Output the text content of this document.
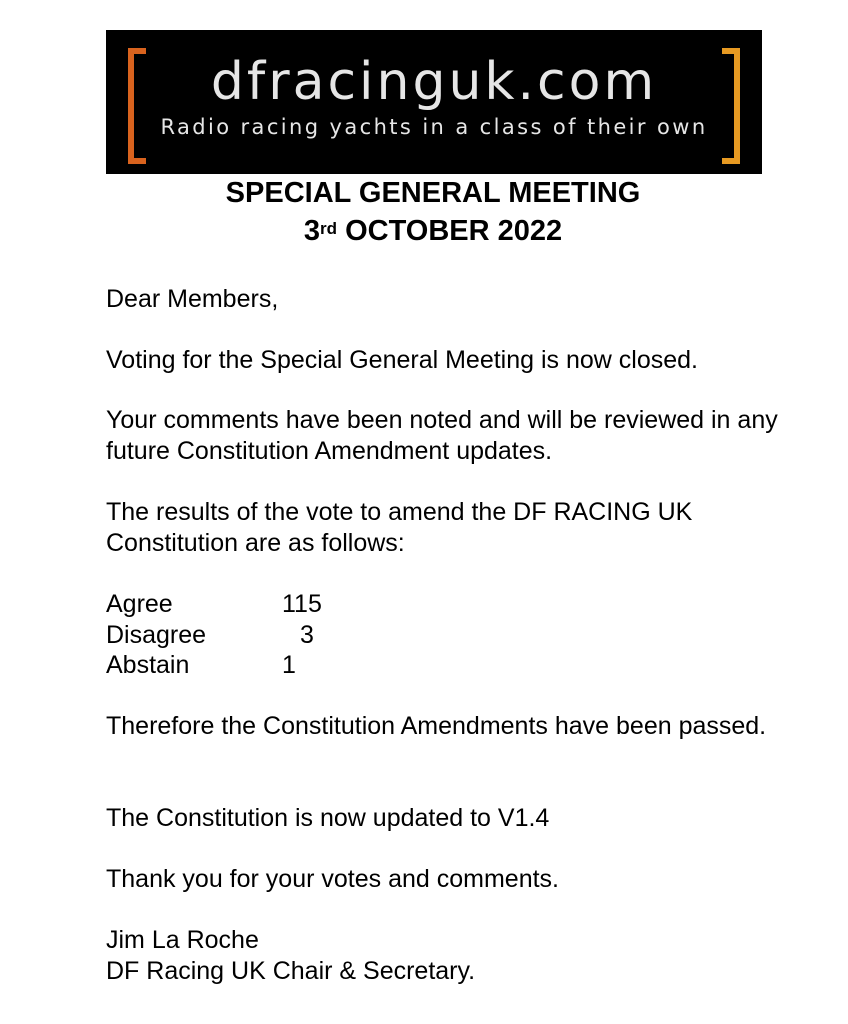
dfracinguk.com
Radio racing yachts in a class of their own
SPECIAL GENERAL MEETING
3rd OCTOBER 2022
Dear Members,
Voting for the Special General Meeting is now closed.
Your comments have been noted and will be reviewed in any future Constitution Amendment updates.
The results of the vote to amend the DF RACING UK Constitution are as follows:
Agree	115
Disagree	3
Abstain	1
Therefore the Constitution Amendments have been passed.
The Constitution is now updated to V1.4
Thank you for your votes and comments.
Jim La Roche
DF Racing UK Chair & Secretary.
